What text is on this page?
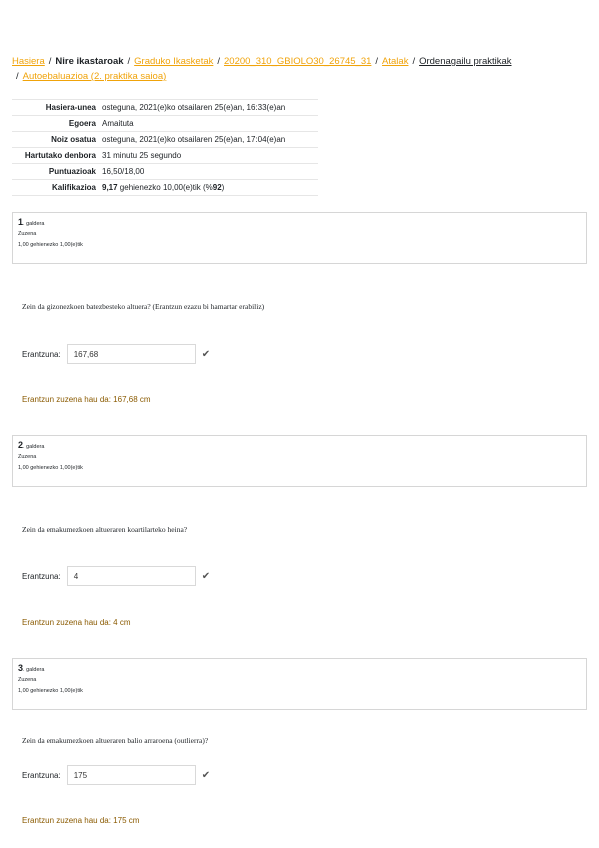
Hasiera / Nire ikastaroak / Graduko Ikasketak / 20200_310_GBIOLO30_26745_31 / Atalak / Ordenagailu praktikak
/ Autoebaluazioa (2. praktika saioa)
Hasiera-unea	osteguna, 2021(e)ko otsailaren 25(e)an, 16:33(e)an
Egoera	Amaituta
Noiz osatua	osteguna, 2021(e)ko otsailaren 25(e)an, 17:04(e)an
Hartutako denbora	31 minutu 25 segundo
Puntuazioak	16,50/18,00
Kalifikazioa	9,17 gehienezko 10,00(e)tik (%92)
1. galdera
Zuzena
1,00 gehienezko 1,00(e)tik
Zein da gizonezkoen batezbesteko altuera? (Erantzun ezazu bi hamartar erabiliz)
Erantzuna:	167,68	✔
Erantzun zuzena hau da: 167,68 cm
2. galdera
Zuzena
1,00 gehienezko 1,00(e)tik
Zein da emakumezkoen altueraren koartilarteko heina?
Erantzuna:	4	✔
Erantzun zuzena hau da: 4 cm
3. galdera
Zuzena
1,00 gehienezko 1,00(e)tik
Zein da emakumezkoen altueraren balio arraroena (outlierra)?
Erantzuna:	175	✔
Erantzun zuzena hau da: 175 cm
